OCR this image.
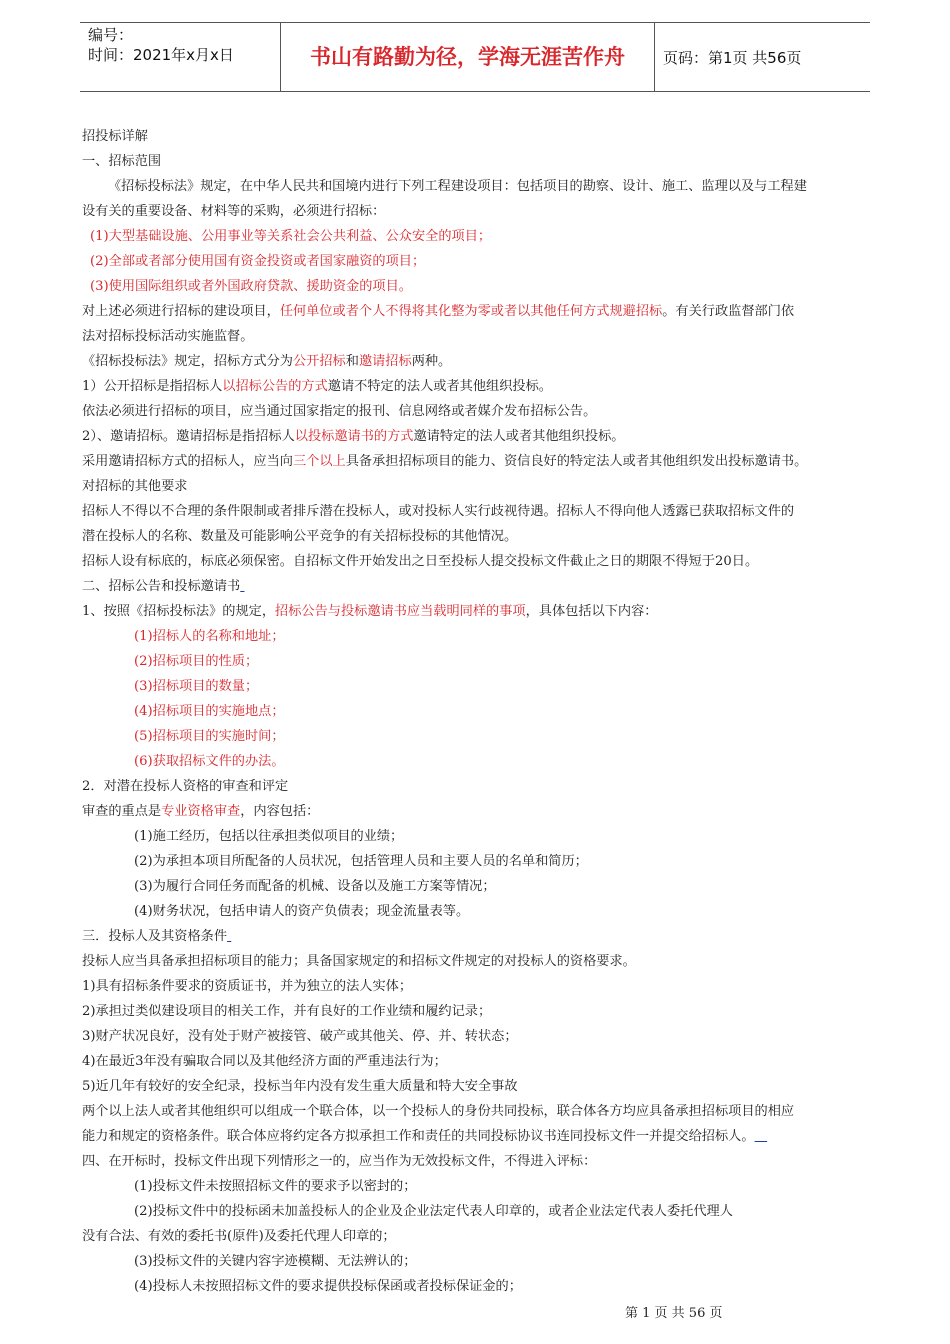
编号：
时间：2021年x月x日	书山有路勤为径，学海无涯苦作舟	页码：第1页 共56页

招投标详解

一、招标范围

《招标投标法》规定，在中华人民共和国境内进行下列工程建设项目：包括项目的勘察、设计、施工、监理以及与工程建

设有关的重要设备、材料等的采购，必须进行招标：

(1)大型基础设施、公用事业等关系社会公共利益、公众安全的项目；

(2)全部或者部分使用国有资金投资或者国家融资的项目；

(3)使用国际组织或者外国政府贷款、援助资金的项目。

对上述必须进行招标的建设项目，任何单位或者个人不得将其化整为零或者以其他任何方式规避招标。有关行政监督部门依

法对招标投标活动实施监督。

《招标投标法》规定，招标方式分为公开招标和邀请招标两种。

1）公开招标是指招标人以招标公告的方式邀请不特定的法人或者其他组织投标。

依法必须进行招标的项目，应当通过国家指定的报刊、信息网络或者媒介发布招标公告。

2）、邀请招标。邀请招标是指招标人以投标邀请书的方式邀请特定的法人或者其他组织投标。

采用邀请招标方式的招标人，应当向三个以上具备承担招标项目的能力、资信良好的特定法人或者其他组织发出投标邀请书。

对招标的其他要求

招标人不得以不合理的条件限制或者排斥潜在投标人，或对投标人实行歧视待遇。招标人不得向他人透露已获取招标文件的

潜在投标人的名称、数量及可能影响公平竞争的有关招标投标的其他情况。

招标人设有标底的，标底必须保密。自招标文件开始发出之日至投标人提交投标文件截止之日的期限不得短于20日。

二、招标公告和投标邀请书

1、按照《招标投标法》的规定，招标公告与投标邀请书应当载明同样的事项，具体包括以下内容：

(1)招标人的名称和地址；

(2)招标项目的性质；

(3)招标项目的数量；

(4)招标项目的实施地点；

(5)招标项目的实施时间；

(6)获取招标文件的办法。

2．对潜在投标人资格的审查和评定

审查的重点是专业资格审查，内容包括：

(1)施工经历，包括以往承担类似项目的业绩；

(2)为承担本项目所配备的人员状况，包括管理人员和主要人员的名单和简历；

(3)为履行合同任务而配备的机械、设备以及施工方案等情况；

(4)财务状况，包括申请人的资产负债表；现金流量表等。

三．投标人及其资格条件

投标人应当具备承担招标项目的能力；具备国家规定的和招标文件规定的对投标人的资格要求。

1)具有招标条件要求的资质证书，并为独立的法人实体；

2)承担过类似建设项目的相关工作，并有良好的工作业绩和履约记录；

3)财产状况良好，没有处于财产被接管、破产或其他关、停、并、转状态；

4)在最近3年没有骗取合同以及其他经济方面的严重违法行为；

5)近几年有较好的安全纪录，投标当年内没有发生重大质量和特大安全事故

两个以上法人或者其他组织可以组成一个联合体，以一个投标人的身份共同投标，联合体各方均应具备承担招标项目的相应

能力和规定的资格条件。联合体应将约定各方拟承担工作和责任的共同投标协议书连同投标文件一并提交给招标人。

四、在开标时，投标文件出现下列情形之一的，应当作为无效投标文件，不得进入评标：

(1)投标文件未按照招标文件的要求予以密封的；

(2)投标文件中的投标函未加盖投标人的企业及企业法定代表人印章的，或者企业法定代表人委托代理人

没有合法、有效的委托书(原件)及委托代理人印章的；

(3)投标文件的关键内容字迹模糊、无法辨认的；

(4)投标人未按照招标文件的要求提供投标保函或者投标保证金的；

第 1 页 共 56 页
